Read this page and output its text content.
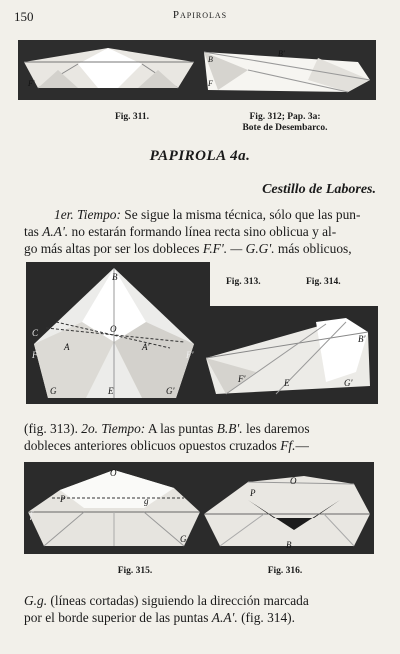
150	Papirolas
F'
B'
B
F
Fig. 311.	Fig. 312; Pap. 3a:
Bote de Desembarco.
PAPIROLA 4a.
Cestillo de Labores.
1er. Tiempo: Se sigue la misma técnica, sólo que las pun-
tas A.A'. no estarán formando línea recta sino oblicua y al-
go más altas por ser los dobleces F.F'. — G.G'. más oblicuos,
B
C
F
A	A'
O
G	E	G'
F'
F'	E
B'
G'
Fig. 313.	Fig. 314.
(fig. 313). 2o. Tiempo: A las puntas B.B'. les daremos
dobleces anteriores oblicuos opuestos cruzados Ff.—
O
P
f
g
G
O
P
B
Fig. 315.	Fig. 316.
G.g. (líneas cortadas) siguiendo la dirección marcada
por el borde superior de las puntas A.A'. (fig. 314).
